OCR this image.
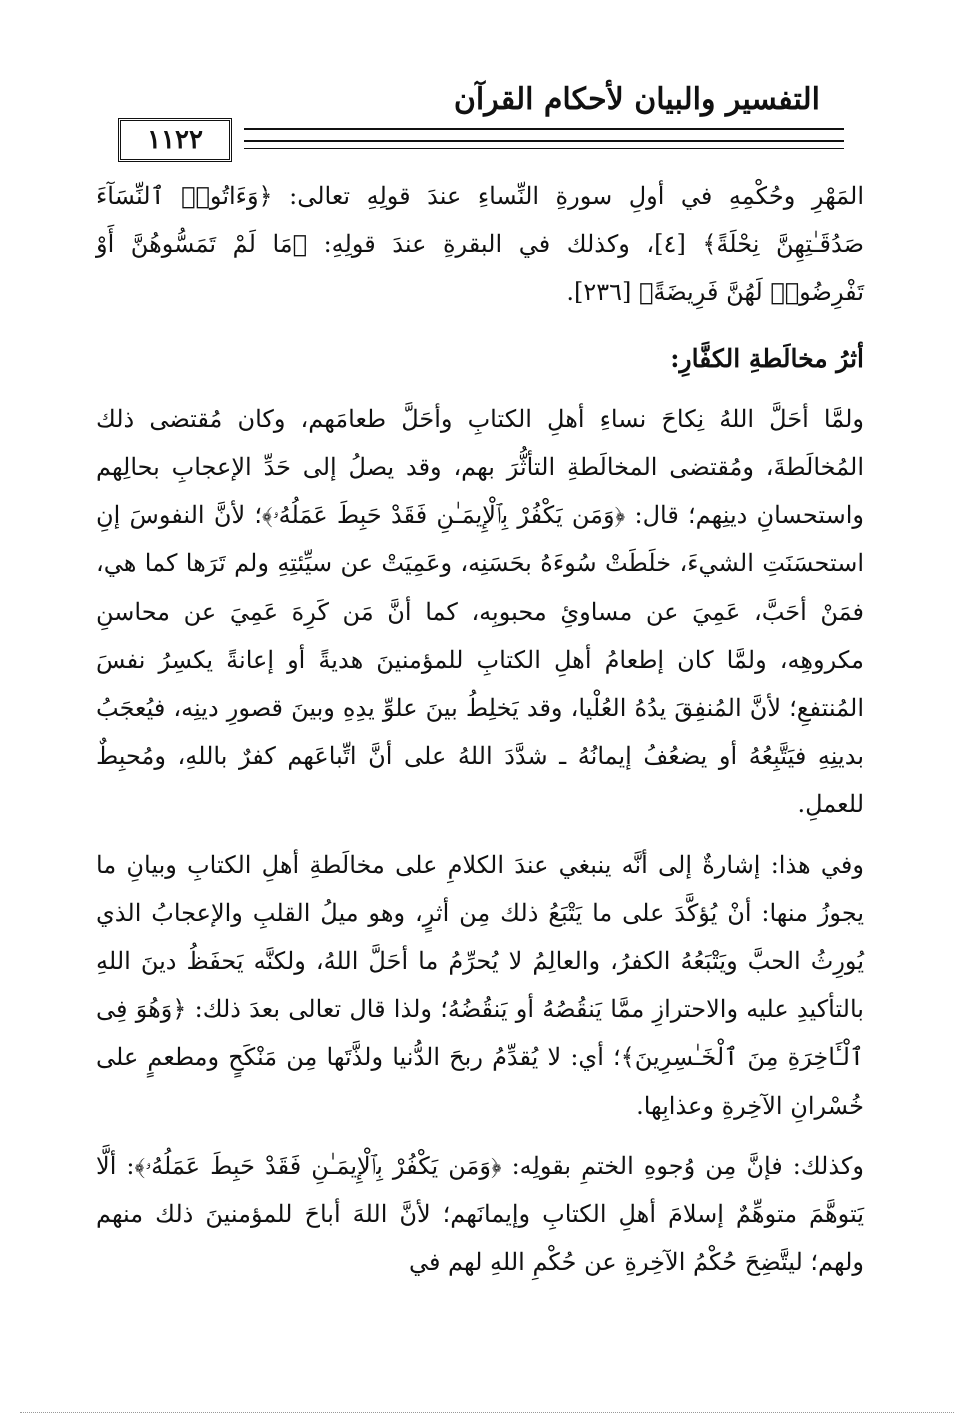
التفسير والبيان لأحكام القرآن
١١٢٢

المَهْرِ وحُكْمِهِ في أولِ سورةِ النِّساءِ عندَ قولِهِ تعالى: ﴿وَءَاتُوا۟ ٱلنِّسَآءَ صَدُقَـٰتِهِنَّ نِحْلَةً﴾ [٤]، وكذلك في البقرةِ عندَ قولِهِ: ﴿مَا لَمْ تَمَسُّوهُنَّ أَوْ تَفْرِضُوا۟ لَهُنَّ فَرِيضَةً﴾ [٢٣٦].

أثرُ مخالَطةِ الكفَّارِ:

ولمَّا أحَلَّ اللهُ نِكاحَ نساءِ أهلِ الكتابِ وأحَلَّ طعامَهم، وكان مُقتضى ذلك المُخالَطةَ، ومُقتضى المخالَطةِ التأثُّرَ بهم، وقد يصلُ إلى حَدِّ الإعجابِ بحالِهم واستحسانِ دينِهم؛ قال: ﴿وَمَن يَكْفُرْ بِٱلْإِيمَـٰنِ فَقَدْ حَبِطَ عَمَلُهُۥ﴾؛ لأنَّ النفوسَ إنِ استحسَنَتِ الشيءَ، خلَطَتْ سُوءَهُ بحَسَنِه، وعَمِيَتْ عن سيِّئتِهِ ولم تَرَها كما هي، فمَنْ أحَبَّ، عَمِيَ عن مساوئِ محبوبِه، كما أنَّ مَن كَرِهَ عَمِيَ عن محاسنِ مكروهِه، ولمَّا كان إطعامُ أهلِ الكتابِ للمؤمنينَ هديةً أو إعانةً يكسِرُ نفسَ المُنتفعِ؛ لأنَّ المُنفِقَ يدُهُ العُلْيا، وقد يَخلِطُ بينَ علوِّ يدِهِ وبينَ قصورِ دينِه، فيُعجَبُ بدينِهِ فيَتَّبِعُهُ أو يضعُفُ إيمانُهُ ـ شدَّدَ اللهُ على أنَّ اتِّباعَهم كفرٌ باللهِ، ومُحبِطٌ للعملِ.

وفي هذا: إشارةٌ إلى أنَّه ينبغي عندَ الكلامِ على مخالَطةِ أهلِ الكتابِ وبيانِ ما يجوزُ منها: أنْ يُؤكَّدَ على ما يَتْبَعُ ذلك مِن أثرٍ، وهو ميلُ القلبِ والإعجابُ الذي يُورِثُ الحبَّ ويَتْبَعُهُ الكفرُ، والعالِمُ لا يُحرِّمُ ما أحَلَّ اللهُ، ولكنَّه يَحفَظُ دينَ اللهِ بالتأكيدِ عليه والاحترازِ ممَّا يَنقُصُهُ أو يَنقُضُهُ؛ ولذا قال تعالى بعدَ ذلك: ﴿وَهُوَ فِى ٱلْـَٔاخِرَةِ مِنَ ٱلْخَـٰسِرِينَ﴾؛ أي: لا يُقدِّمُ ربحَ الدُّنيا ولذَّتَها مِن مَنْكَحٍ ومطعمٍ على خُسْرانِ الآخِرةِ وعذابِها.

وكذلك: فإنَّ مِن وُجوهِ الختمِ بقولِه: ﴿وَمَن يَكْفُرْ بِٱلْإِيمَـٰنِ فَقَدْ حَبِطَ عَمَلُهُۥ﴾: ألَّا يَتوهَّمَ متوهِّمٌ إسلامَ أهلِ الكتابِ وإيمانَهم؛ لأنَّ اللهَ أباحَ للمؤمنينَ ذلك منهم ولهم؛ ليتَّضِحَ حُكْمُ الآخِرةِ عن حُكْمِ اللهِ لهم في
